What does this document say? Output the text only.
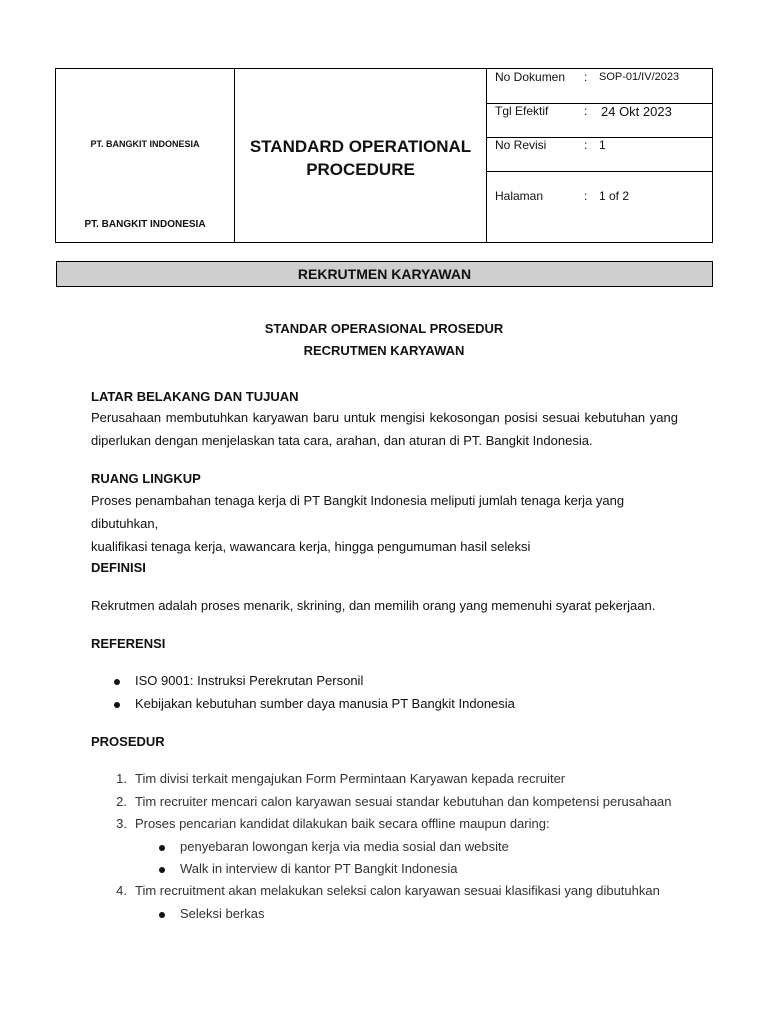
PT. BANGKIT INDONESIA
PT. BANGKIT INDONESIA
STANDARD OPERATIONAL
PROCEDURE
No Dokumen : SOP-01/IV/2023
Tgl Efektif	: 24 Okt 2023
No Revisi	: 1
Halaman	: 1 of 2
REKRUTMEN KARYAWAN
STANDAR OPERASIONAL PROSEDUR
RECRUTMEN KARYAWAN
LATAR BELAKANG DAN TUJUAN
Perusahaan membutuhkan karyawan baru untuk mengisi kekosongan posisi sesuai kebutuhan yang
diperlukan dengan menjelaskan tata cara, arahan, dan aturan di PT. Bangkit Indonesia.
RUANG LINGKUP
Proses penambahan tenaga kerja di PT Bangkit Indonesia meliputi jumlah tenaga kerja yang dibutuhkan,
kualifikasi tenaga kerja, wawancara kerja, hingga pengumuman hasil seleksi
DEFINISI
Rekrutmen adalah proses menarik, skrining, dan memilih orang yang memenuhi syarat pekerjaan.
REFERENSI
ISO 9001: Instruksi Perekrutan Personil
Kebijakan kebutuhan sumber daya manusia PT Bangkit Indonesia
PROSEDUR
1. Tim divisi terkait mengajukan Form Permintaan Karyawan kepada recruiter
2. Tim recruiter mencari calon karyawan sesuai standar kebutuhan dan kompetensi perusahaan
3. Proses pencarian kandidat dilakukan baik secara offline maupun daring:
penyebaran lowongan kerja via media sosial dan website
Walk in interview di kantor PT Bangkit Indonesia
4. Tim recruitment akan melakukan seleksi calon karyawan sesuai klasifikasi yang dibutuhkan
Seleksi berkas
